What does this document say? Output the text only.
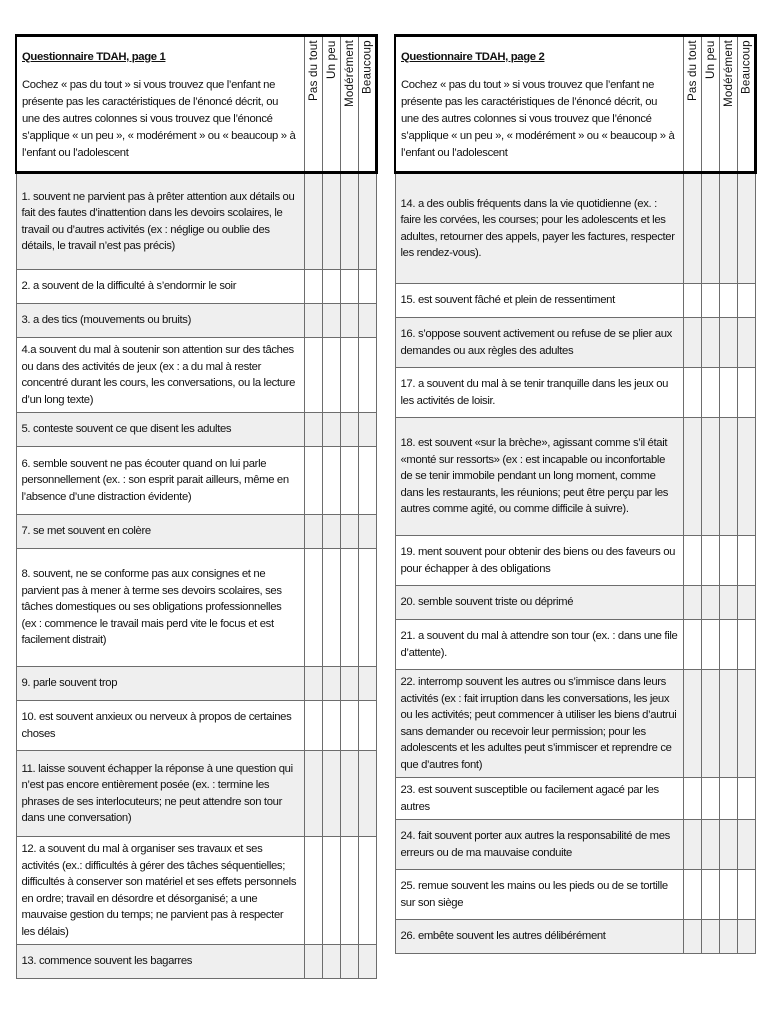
Questionnaire TDAH, page 1
Cochez « pas du tout » si vous trouvez que l’enfant ne présente pas les caractéristiques de l’énoncé décrit, ou une des autres colonnes si vous trouvez que l’énoncé s’applique « un peu », « modérément » ou « beaucoup » à l’enfant ou l’adolescent	Pas du tout	Un peu	Modérément	Beaucoup

1. souvent ne parvient pas à prêter attention aux détails ou fait des fautes d’inattention dans les devoirs scolaires, le travail ou d’autres activités (ex : néglige ou oublie des détails, le travail n’est pas précis)				
2. a souvent de la difficulté à s’endormir le soir				
3. a des tics (mouvements ou bruits)				
4.a souvent du mal à soutenir son attention sur des tâches ou dans des activités de jeux (ex : a du mal à rester concentré durant les cours, les conversations, ou la lecture d’un long texte)				
5. conteste souvent ce que disent les adultes				
6. semble souvent ne pas écouter quand on lui parle personnellement (ex. : son esprit parait ailleurs, même en l’absence d’une distraction évidente)				
7. se met souvent en colère				
8. souvent, ne se conforme pas aux consignes et ne parvient pas à mener à terme ses devoirs scolaires, ses tâches domestiques ou ses obligations professionnelles (ex : commence le travail mais perd vite le focus et est facilement distrait)				
9. parle souvent trop				
10. est souvent anxieux ou nerveux à propos de certaines choses				
11. laisse souvent échapper la réponse à une question qui n’est pas encore entièrement posée (ex. : termine les phrases de ses interlocuteurs; ne peut attendre son tour dans une conversation)				
12. a souvent du mal à organiser ses travaux et ses activités (ex.: difficultés à gérer des tâches séquentielles; difficultés à conserver son matériel et ses effets personnels en ordre; travail en désordre et désorganisé; a une mauvaise gestion du temps; ne parvient pas à respecter les délais)				
13. commence souvent les bagarres				
Questionnaire TDAH, page 2
Cochez « pas du tout » si vous trouvez que l’enfant ne présente pas les caractéristiques de l’énoncé décrit, ou une des autres colonnes si vous trouvez que l’énoncé s’applique « un peu », « modérément » ou « beaucoup » à l’enfant ou l’adolescent	Pas du tout	Un peu	Modérément	Beaucoup

14. a des oublis fréquents dans la vie quotidienne (ex. : faire les corvées, les courses; pour les adolescents et les adultes, retourner des appels, payer les factures, respecter les rendez-vous).				
15. est souvent fâché et plein de ressentiment				
16. s’oppose souvent activement ou refuse de se plier aux demandes ou aux règles des adultes				
17. a souvent du mal à se tenir tranquille dans les jeux ou les activités de loisir.				
18. est souvent «sur la brèche», agissant comme s’il était «monté sur ressorts» (ex : est incapable ou inconfortable de se tenir immobile pendant un long moment, comme dans les restaurants, les réunions; peut être perçu par les autres comme agité, ou comme difficile à suivre).				
19. ment souvent pour obtenir des biens ou des faveurs ou pour échapper à des obligations				
20. semble souvent triste ou déprimé				
21. a souvent du mal à attendre son tour (ex. : dans une file d’attente).				
22. interromp souvent les autres ou s’immisce dans leurs activités (ex : fait irruption dans les conversations, les jeux ou les activités; peut commencer à utiliser les biens d’autrui sans demander ou recevoir leur permission; pour les adolescents et les adultes peut s’immiscer et reprendre ce que d’autres font)				
23. est souvent susceptible ou facilement agacé par les autres				
24. fait souvent porter aux autres la responsabilité de mes erreurs ou de ma mauvaise conduite				
25. remue souvent les mains ou les pieds ou de se tortille sur son siège				
26. embête souvent les autres délibérément				
